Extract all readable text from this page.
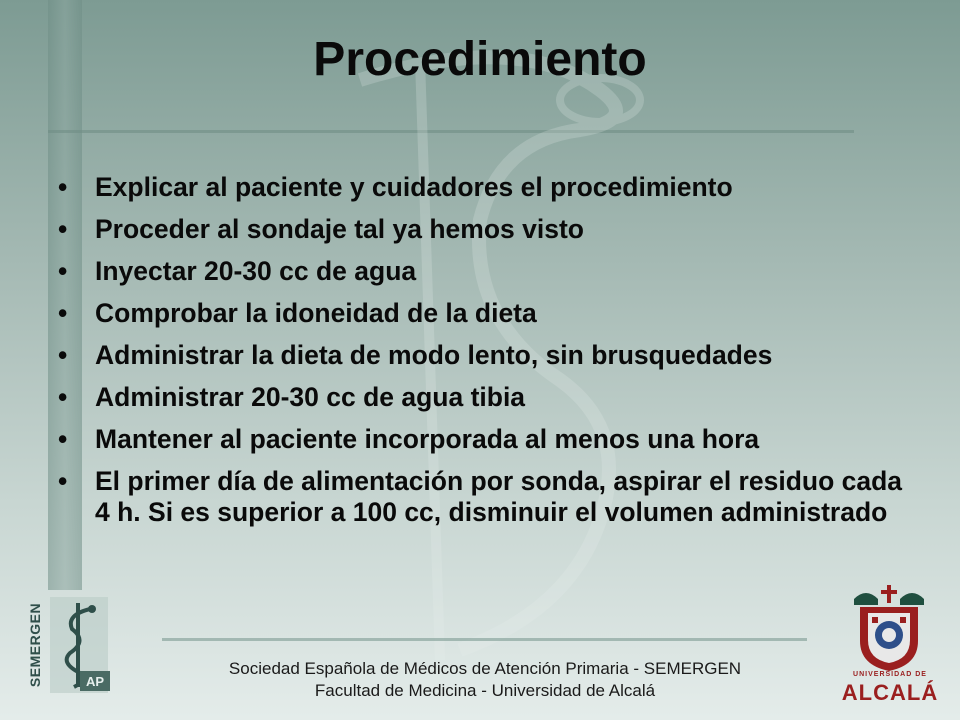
Procedimiento
•	Explicar al paciente y cuidadores el procedimiento
•	Proceder al sondaje tal ya hemos visto
•	Inyectar 20-30 cc de agua
•	Comprobar la idoneidad de la dieta
•	Administrar la dieta de modo lento, sin brusquedades
•	Administrar 20-30 cc de agua tibia
•	Mantener al paciente incorporada al menos una hora
•	El primer día de alimentación por sonda, aspirar el residuo cada 4 h. Si es superior a 100 cc, disminuir el volumen administrado
SEMERGEN	AP
Sociedad Española de Médicos de Atención Primaria - SEMERGEN
Facultad de Medicina - Universidad de Alcalá
UNIVERSIDAD DE
ALCALÁ
